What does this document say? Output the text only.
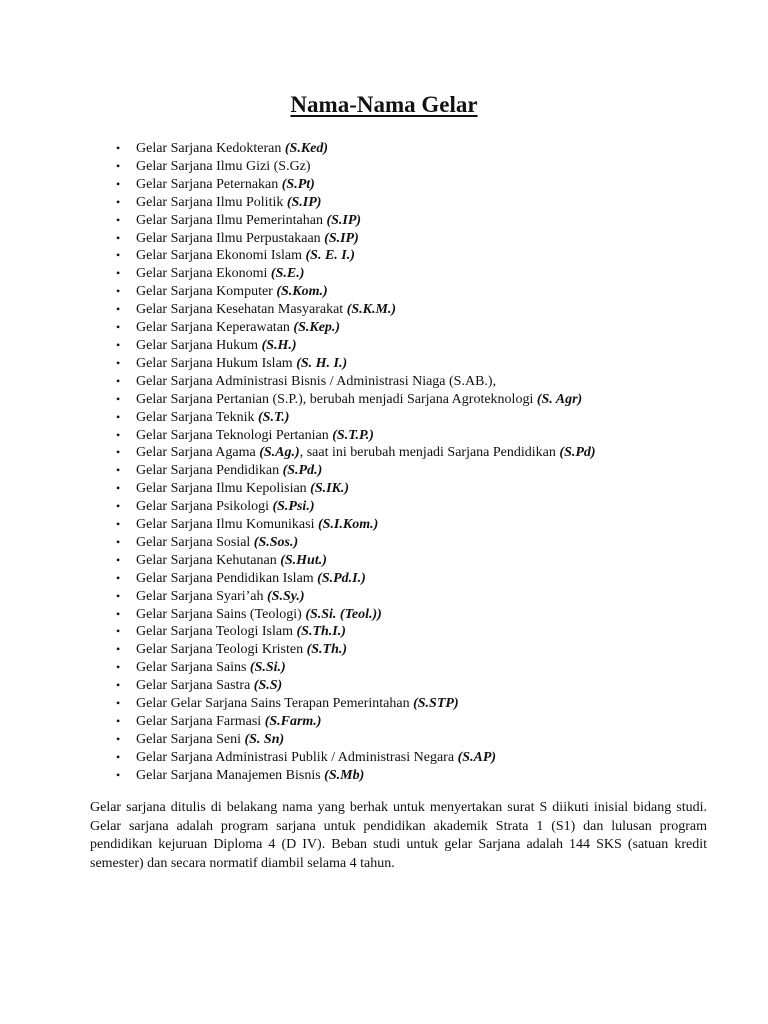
Nama-Nama Gelar
• Gelar Sarjana Kedokteran (S.Ked)
• Gelar Sarjana Ilmu Gizi (S.Gz)
• Gelar Sarjana Peternakan (S.Pt)
• Gelar Sarjana Ilmu Politik (S.IP)
• Gelar Sarjana Ilmu Pemerintahan (S.IP)
• Gelar Sarjana Ilmu Perpustakaan (S.IP)
• Gelar Sarjana Ekonomi Islam (S. E. I.)
• Gelar Sarjana Ekonomi (S.E.)
• Gelar Sarjana Komputer (S.Kom.)
• Gelar Sarjana Kesehatan Masyarakat (S.K.M.)
• Gelar Sarjana Keperawatan (S.Kep.)
• Gelar Sarjana Hukum (S.H.)
• Gelar Sarjana Hukum Islam (S. H. I.)
• Gelar Sarjana Administrasi Bisnis / Administrasi Niaga (S.AB.),
• Gelar Sarjana Pertanian (S.P.), berubah menjadi Sarjana Agroteknologi (S. Agr)
• Gelar Sarjana Teknik (S.T.)
• Gelar Sarjana Teknologi Pertanian (S.T.P.)
• Gelar Sarjana Agama (S.Ag.), saat ini berubah menjadi Sarjana Pendidikan (S.Pd)
• Gelar Sarjana Pendidikan (S.Pd.)
• Gelar Sarjana Ilmu Kepolisian (S.IK.)
• Gelar Sarjana Psikologi (S.Psi.)
• Gelar Sarjana Ilmu Komunikasi (S.I.Kom.)
• Gelar Sarjana Sosial (S.Sos.)
• Gelar Sarjana Kehutanan (S.Hut.)
• Gelar Sarjana Pendidikan Islam (S.Pd.I.)
• Gelar Sarjana Syari’ah (S.Sy.)
• Gelar Sarjana Sains (Teologi) (S.Si. (Teol.))
• Gelar Sarjana Teologi Islam (S.Th.I.)
• Gelar Sarjana Teologi Kristen (S.Th.)
• Gelar Sarjana Sains (S.Si.)
• Gelar Sarjana Sastra (S.S)
• Gelar Gelar Sarjana Sains Terapan Pemerintahan (S.STP)
• Gelar Sarjana Farmasi (S.Farm.)
• Gelar Sarjana Seni (S. Sn)
• Gelar Sarjana Administrasi Publik / Administrasi Negara (S.AP)
• Gelar Sarjana Manajemen Bisnis (S.Mb)

Gelar sarjana ditulis di belakang nama yang berhak untuk menyertakan surat S diikuti inisial bidang studi. Gelar sarjana adalah program sarjana untuk pendidikan akademik Strata 1 (S1) dan lulusan program pendidikan kejuruan Diploma 4 (D IV). Beban studi untuk gelar Sarjana adalah 144 SKS (satuan kredit semester) dan secara normatif diambil selama 4 tahun.
